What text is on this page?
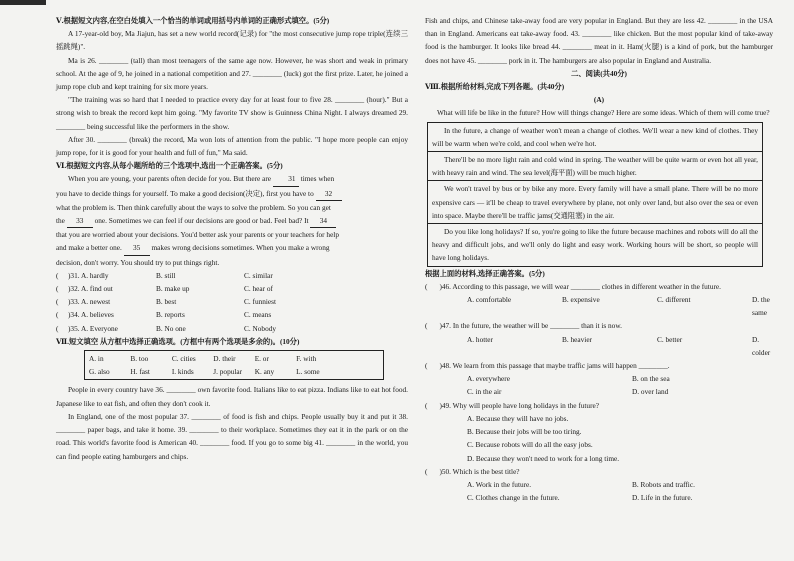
Ⅴ.根据短文内容,在空白处填入一个恰当的单词或用括号内单词的正确形式填空。(5分)

A 17-year-old boy, Ma Jiajun, has set a new world record(记录) for "the most consecutive jump rope triple(连续三摇跳绳)".

Ma is 26. ________ (tall) than most teenagers of the same age now. However, he was short and weak in primary school. At the age of 9, he joined in a national competition and 27. ________ (luck) got the first prize. Later, he joined a jump rope club and kept training for six more years.

"The training was so hard that I needed to practice every day for at least four to five 28. ________ (hour)." But a strong wish to break the record kept him going. "My favorite TV show is Guinness China Night. I always dreamed 29. ________ being successful like the performers in the show.

After 30. ________ (break) the record, Ma won lots of attention from the public. "I hope more people can enjoy jump rope, for it is good for your health and full of fun," Ma said.

Ⅵ.根据短文内容,从每小题所给的三个选项中,选出一个正确答案。(5分)

When you are young, your parents often decide for you. But there are 31 times when

you have to decide things for yourself. To make a good decision(决定), first you have to 32

what the problem is. Then think carefully about the ways to solve the problem. So you can get

the 33 one. Sometimes we can feel if our decisions are good or bad. Feel bad? It 34

that you are worried about your decisions. You'd better ask your parents or your teachers for help

and make a better one. 35 makes wrong decisions sometimes. When you make a wrong

decision, don't worry. You should try to put things right.

(	)31. A. hardly	B. still	C. similar
(	)32. A. find out	B. make up	C. hear of
(	)33. A. newest	B. best	C. funniest
(	)34. A. believes	B. reports	C. means
(	)35. A. Everyone	B. No one	C. Nobody

Ⅶ.短文填空 从方框中选择正确选项。(方框中有两个选项是多余的)。(10分)

A. in	B. too	C. cities	D. their	E. or	F. with
G. also	H. fast	I. kinds	J. popular	K. any	L. some

People in every country have 36. ________ own favorite food. Italians like to eat pizza. Indians like to eat hot food. Japanese like to eat fish, and often they don't cook it.

In England, one of the most popular 37. ________ of food is fish and chips. People usually buy it and put it 38. ________ paper bags, and take it home. 39. ________ to their workplace. Sometimes they eat it in the park or on the road. This world's favorite food is American 40. ________ food. If you go to some big 41. ________ in the world, you can find people eating hamburgers and chips.

Fish and chips, and Chinese take-away food are very popular in England. But they are less 42. ________ in the USA than in England. Americans eat take-away food. 43. ________ like chicken. But the most popular kind of take-away food is the hamburger. It looks like bread 44. ________ meat in it. Ham(火腿) is a kind of pork, but the hamburger does not have 45. ________ pork in it. The hamburgers are also popular in England and Australia.

二、阅读(共40分)

Ⅷ.根据所给材料,完成下列各题。(共40分)

(A)

What will life be like in the future? How will things change? Here are some ideas. Which of them will come true?

In the future, a change of weather won't mean a change of clothes. We'll wear a new kind of clothes. They will be warm when we're cold, and cool when we're hot.
There'll be no more light rain and cold wind in spring. The weather will be quite warm or even hot all year, with heavy rain and wind. The sea level(海平面) will be much higher.
We won't travel by bus or by bike any more. Every family will have a small plane. There will be no more expensive cars — it'll be cheap to travel everywhere by plane, not only over land, but also over the sea or even into space. Maybe there'll be traffic jams(交通阻塞) in the air.
Do you like long holidays? If so, you're going to like the future because machines and robots will do all the heavy and difficult jobs, and we'll only do light and easy work. Working hours will be short, so people will have long holidays.

根据上面的材料,选择正确答案。(5分)

( )46. According to this passage, we will wear ________ clothes in different weather in the future.

A. comfortable	B. expensive	C. different	D. the same

( )47. In the future, the weather will be ________ than it is now.

A. hotter	B. heavier	C. better	D. colder

( )48. We learn from this passage that maybe traffic jams will happen ________.

A. everywhere	B. on the sea
C. in the air	D. over land

( )49. Why will people have long holidays in the future?

A. Because they will have no jobs.

B. Because their jobs will be too tiring.

C. Because robots will do all the easy jobs.

D. Because they won't need to work for a long time.

( )50. Which is the best title?

A. Work in the future.	B. Robots and traffic.
C. Clothes change in the future.	D. Life in the future.
